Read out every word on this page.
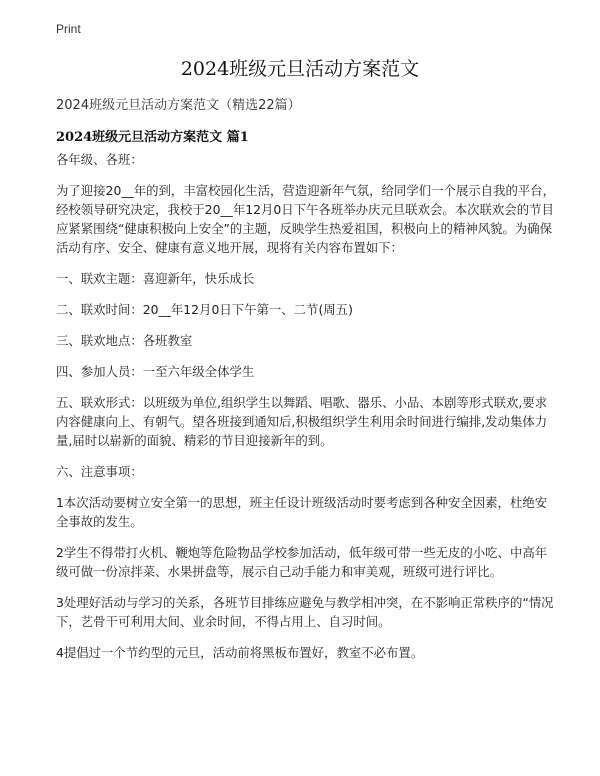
Print
2024班级元旦活动方案范文

2024班级元旦活动方案范文（精选22篇）

2024班级元旦活动方案范文 篇1

各年级、各班：

为了迎接20__年的到，丰富校园化生活，营造迎新年气氛，给同学们一个展示自我的平台，经校领导研究决定，我校于20__年12月0日下午各班举办庆元旦联欢会。本次联欢会的节目应紧紧围绕“健康积极向上安全”的主题，反映学生热爱祖国，积极向上的精神风貌。为确保活动有序、安全、健康有意义地开展，现将有关内容布置如下：

一、联欢主题：喜迎新年，快乐成长

二、联欢时间：20__年12月0日下午第一、二节(周五)

三、联欢地点：各班教室

四、参加人员：一至六年级全体学生

五、联欢形式：以班级为单位,组织学生以舞蹈、唱歌、器乐、小品、本剧等形式联欢,要求内容健康向上、有朝气。望各班接到通知后,积极组织学生利用余时间进行编排,发动集体力量,届时以崭新的面貌、精彩的节目迎接新年的到。

六、注意事项：

1本次活动要树立安全第一的思想，班主任设计班级活动时要考虑到各种安全因素，杜绝安全事故的发生。

2学生不得带打火机、鞭炮等危险物品学校参加活动，低年级可带一些无皮的小吃、中高年级可做一份凉拌菜、水果拼盘等，展示自己动手能力和审美观，班级可进行评比。

3处理好活动与学习的关系，各班节目排练应避免与教学相冲突，在不影响正常秩序的“情况下，艺骨干可利用大间、业余时间，不得占用上、自习时间。

4提倡过一个节约型的元旦，活动前将黑板布置好，教室不必布置。
